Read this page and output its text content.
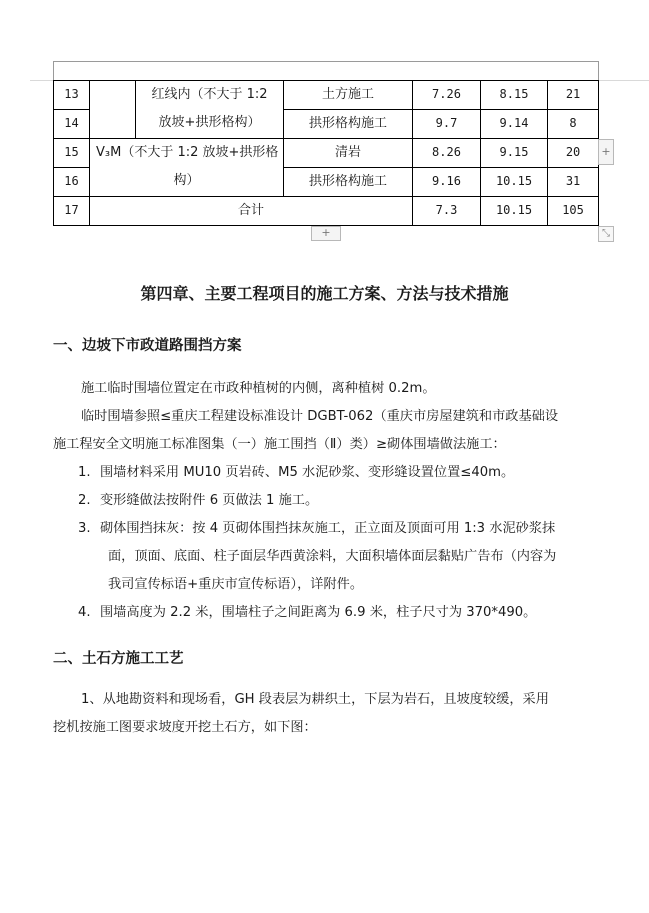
13		红线内（不大于 1:2	土方施工	7.26	8.15	21
14		放坡+拱形格构）	拱形格构施工	9.7	9.14	8
15	V₃M（不大于 1:2 放坡+拱形格		清岩	8.26	9.15	20
16	构）		拱形格构施工	9.16	10.15	31
17	合计			7.3	10.15	105
+
+	⤡
第四章、主要工程项目的施工方案、方法与技术措施
一、边坡下市政道路围挡方案
施工临时围墙位置定在市政种植树的内侧，离种植树 0.2m。
临时围墙参照≤重庆工程建设标准设计 DGBT-062（重庆市房屋建筑和市政基础设
施工程安全文明施工标准图集（一）施工围挡（Ⅱ）类）≥砌体围墙做法施工：
1. 围墙材料采用 MU10 页岩砖、M5 水泥砂浆、变形缝设置位置≤40m。
2. 变形缝做法按附件 6 页做法 1 施工。
3. 砌体围挡抹灰：按 4 页砌体围挡抹灰施工，正立面及顶面可用 1:3 水泥砂浆抹
面，顶面、底面、柱子面层华西黄涂料，大面积墙体面层黏贴广告布（内容为
我司宣传标语+重庆市宣传标语），详附件。
4. 围墙高度为 2.2 米，围墙柱子之间距离为 6.9 米，柱子尺寸为 370*490。
二、土石方施工工艺
1、从地勘资料和现场看，GH 段表层为耕织土，下层为岩石，且坡度较缓，采用
挖机按施工图要求坡度开挖土石方，如下图：
